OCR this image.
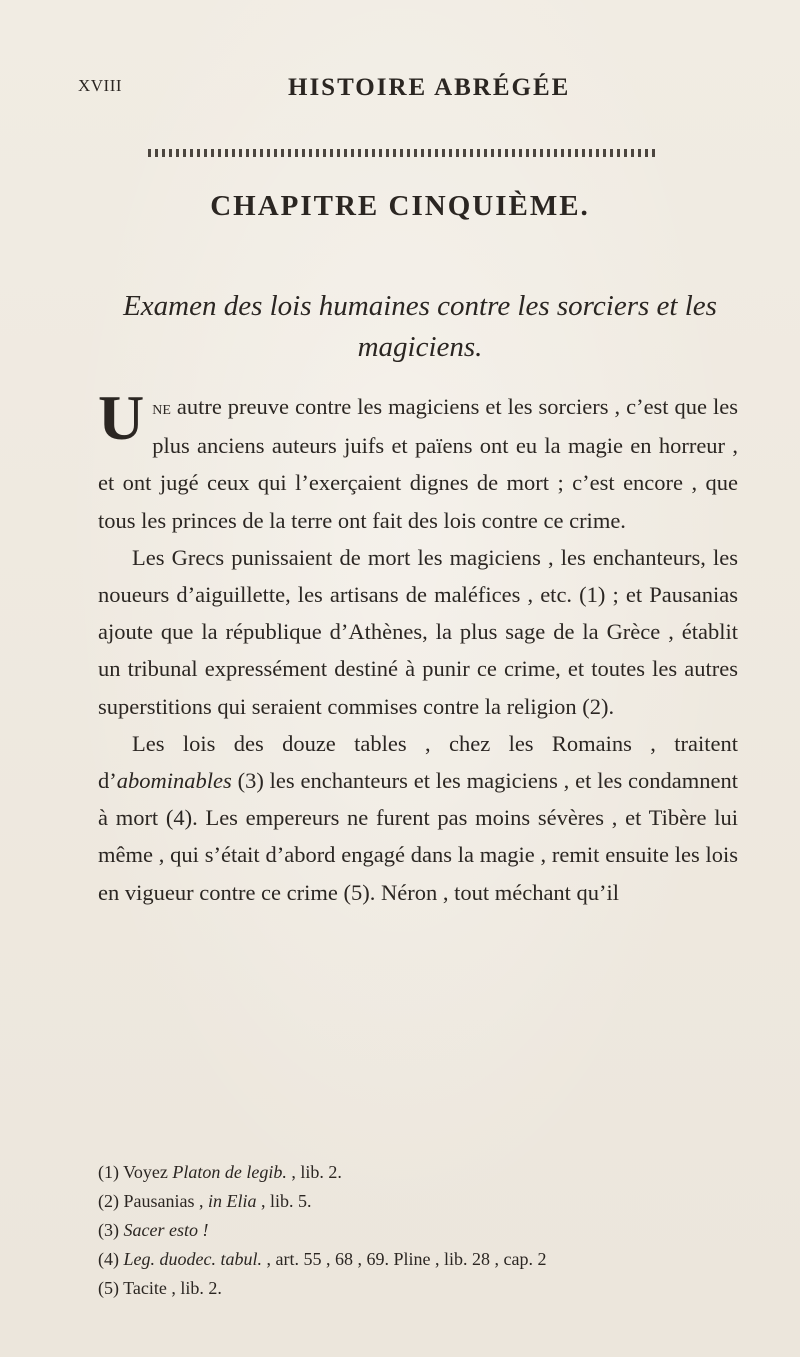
XVIII	HISTOIRE ABRÉGÉE
CHAPITRE CINQUIÈME.
Examen des lois humaines contre les sorciers et les magiciens.

Une autre preuve contre les magiciens et les sorciers , c’est que les plus anciens auteurs juifs et païens ont eu la magie en horreur , et ont jugé ceux qui l’exerçaient dignes de mort ; c’est encore , que tous les princes de la terre ont fait des lois contre ce crime.

Les Grecs punissaient de mort les magiciens , les enchanteurs, les noueurs d’aiguillette, les artisans de maléfices , etc. (1) ; et Pausanias ajoute que la république d’Athènes, la plus sage de la Grèce , établit un tribunal expressément destiné à punir ce crime, et toutes les autres superstitions qui seraient commises contre la religion (2).

Les lois des douze tables , chez les Romains , traitent d’abominables (3) les enchanteurs et les magiciens , et les condamnent à mort (4). Les empereurs ne furent pas moins sévères , et Tibère lui même , qui s’était d’abord engagé dans la magie , remit ensuite les lois en vigueur contre ce crime (5). Néron , tout méchant qu’il

(1) Voyez Platon de legib. , lib. 2.

(2) Pausanias , in Elia , lib. 5.

(3) Sacer esto !

(4) Leg. duodec. tabul. , art. 55 , 68 , 69. Pline , lib. 28 , cap. 2

(5) Tacite , lib. 2.
